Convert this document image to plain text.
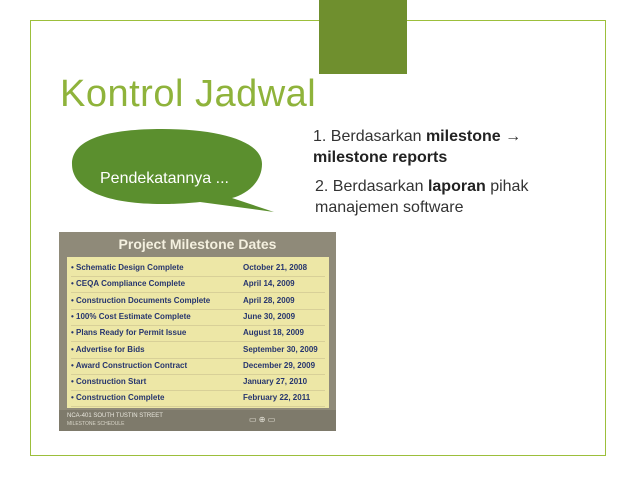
Kontrol Jadwal
Pendekatannya ...
1. Berdasarkan milestone →
milestone reports
2. Berdasarkan laporan pihak manajemen software
Project Milestone Dates
• Schematic Design Complete	October 21, 2008
• CEQA Compliance Complete	April 14, 2009
• Construction Documents Complete	April 28, 2009
• 100% Cost Estimate Complete	June 30, 2009
• Plans Ready for Permit Issue	August 18, 2009
• Advertise for Bids	September 30, 2009
• Award Construction Contract	December 29, 2009
• Construction Start	January 27, 2010
• Construction Complete	February 22, 2011
NCA-401 SOUTH TUSTIN STREET
MILESTONE SCHEDULE	▭ ⊕ ▭
